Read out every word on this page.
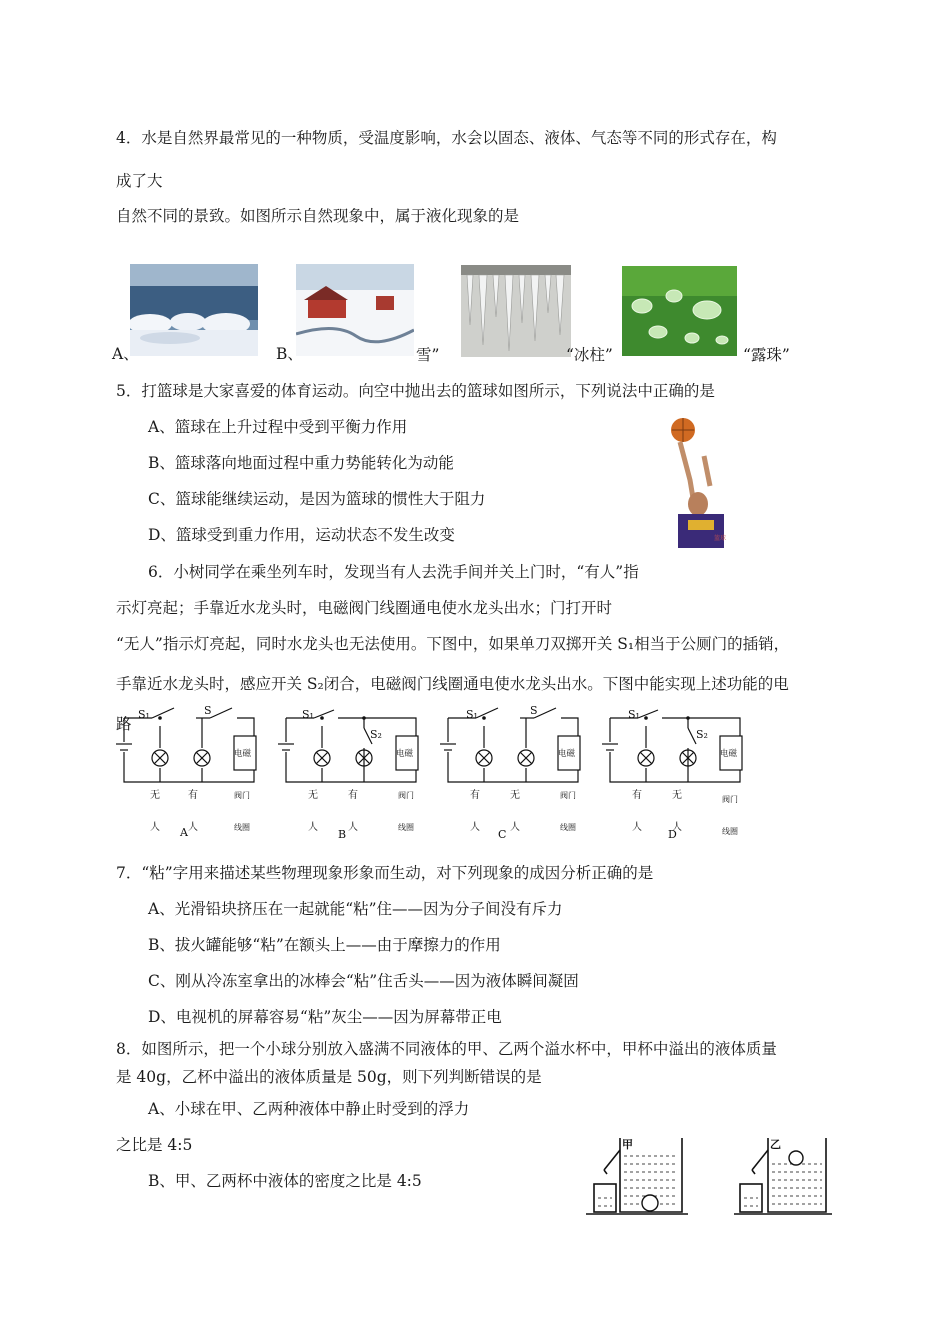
4．水是自然界最常见的一种物质，受温度影响，水会以固态、液体、气态等不同的形式存在，构
成了大
自然不同的景致。如图所示自然现象中，属于液化现象的是
A、	B、	雪”	“冰柱”	“露珠”
5．打篮球是大家喜爱的体育运动。向空中抛出去的篮球如图所示，下列说法中正确的是
A、篮球在上升过程中受到平衡力作用
B、篮球落向地面过程中重力势能转化为动能
C、篮球能继续运动，是因为篮球的惯性大于阻力
D、篮球受到重力作用，运动状态不发生改变	篮球
6．小树同学在乘坐列车时，发现当有人去洗手间并关上门时，“有人”指
示灯亮起；手靠近水龙头时，电磁阀门线圈通电使水龙头出水；门打开时
“无人”指示灯亮起，同时水龙头也无法使用。下图中，如果单刀双掷开关 S₁相当于公厕门的插销，
手靠近水龙头时，感应开关 S₂闭合，电磁阀门线圈通电使水龙头出水。下图中能实现上述功能的电
路
S₁	S
电磁
无	有	阀门
人 A 人	线圈
S₁
S₂
电磁
无	有	阀门
人
B
人	线圈
S₁	S
电磁
有	无	阀门
人
C
人	线圈
S₁
S₂
电磁
有	无	阀门
人
D
人	线圈
7．“粘”字用来描述某些物理现象形象而生动，对下列现象的成因分析正确的是
A、光滑铅块挤压在一起就能“粘”住——因为分子间没有斥力
B、拔火罐能够“粘”在额头上——由于摩擦力的作用
C、刚从冷冻室拿出的冰棒会“粘”住舌头——因为液体瞬间凝固
D、电视机的屏幕容易“粘”灰尘——因为屏幕带正电
8．如图所示，把一个小球分别放入盛满不同液体的甲、乙两个溢水杯中，甲杯中溢出的液体质量
是 40g，乙杯中溢出的液体质量是 50g，则下列判断错误的是
A、小球在甲、乙两种液体中静止时受到的浮力
之比是 4:5
B、甲、乙两杯中液体的密度之比是 4:5
甲	乙
